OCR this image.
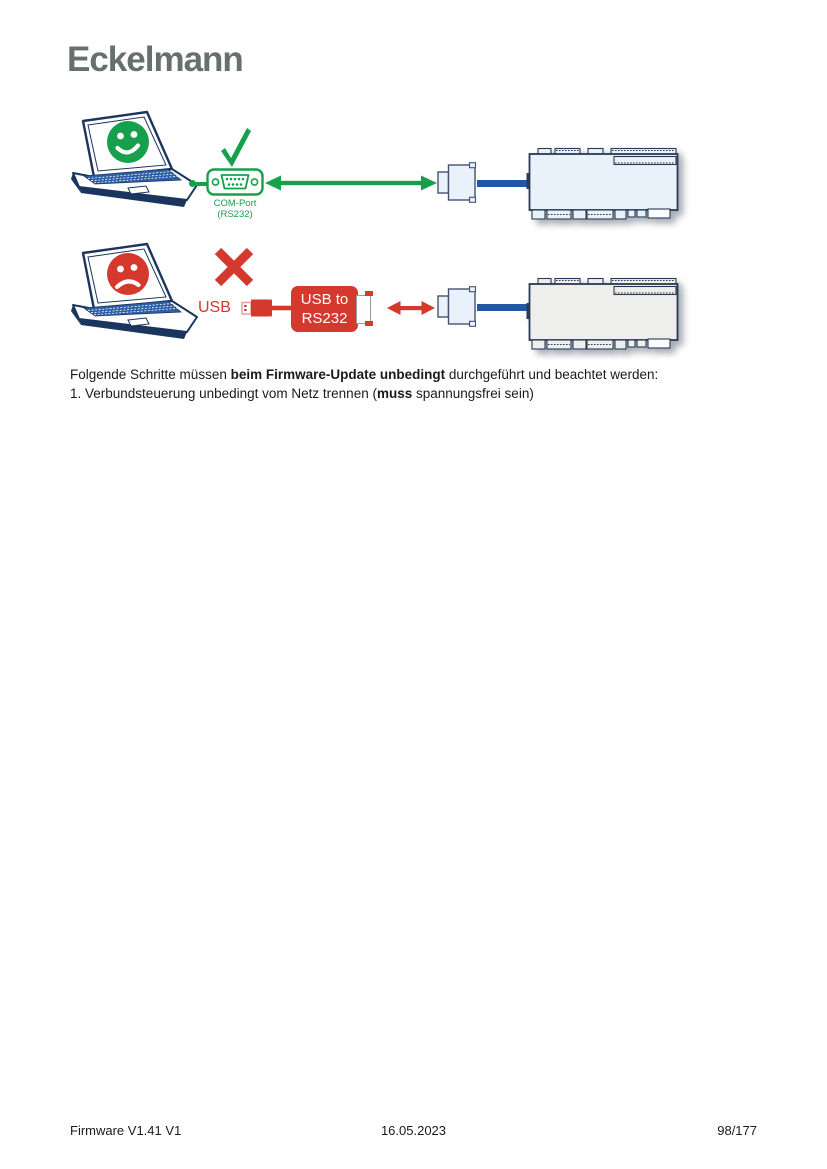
Eckelmann
COM-Port
(RS232)
USB	USB to
RS232

Folgende Schritte müssen beim Firmware-Update unbedingt durchgeführt und beachtet werden:

1. Verbundsteuerung unbedingt vom Netz trennen (muss spannungsfrei sein)

16.05.2023
Firmware V1.41 V1	98/177
